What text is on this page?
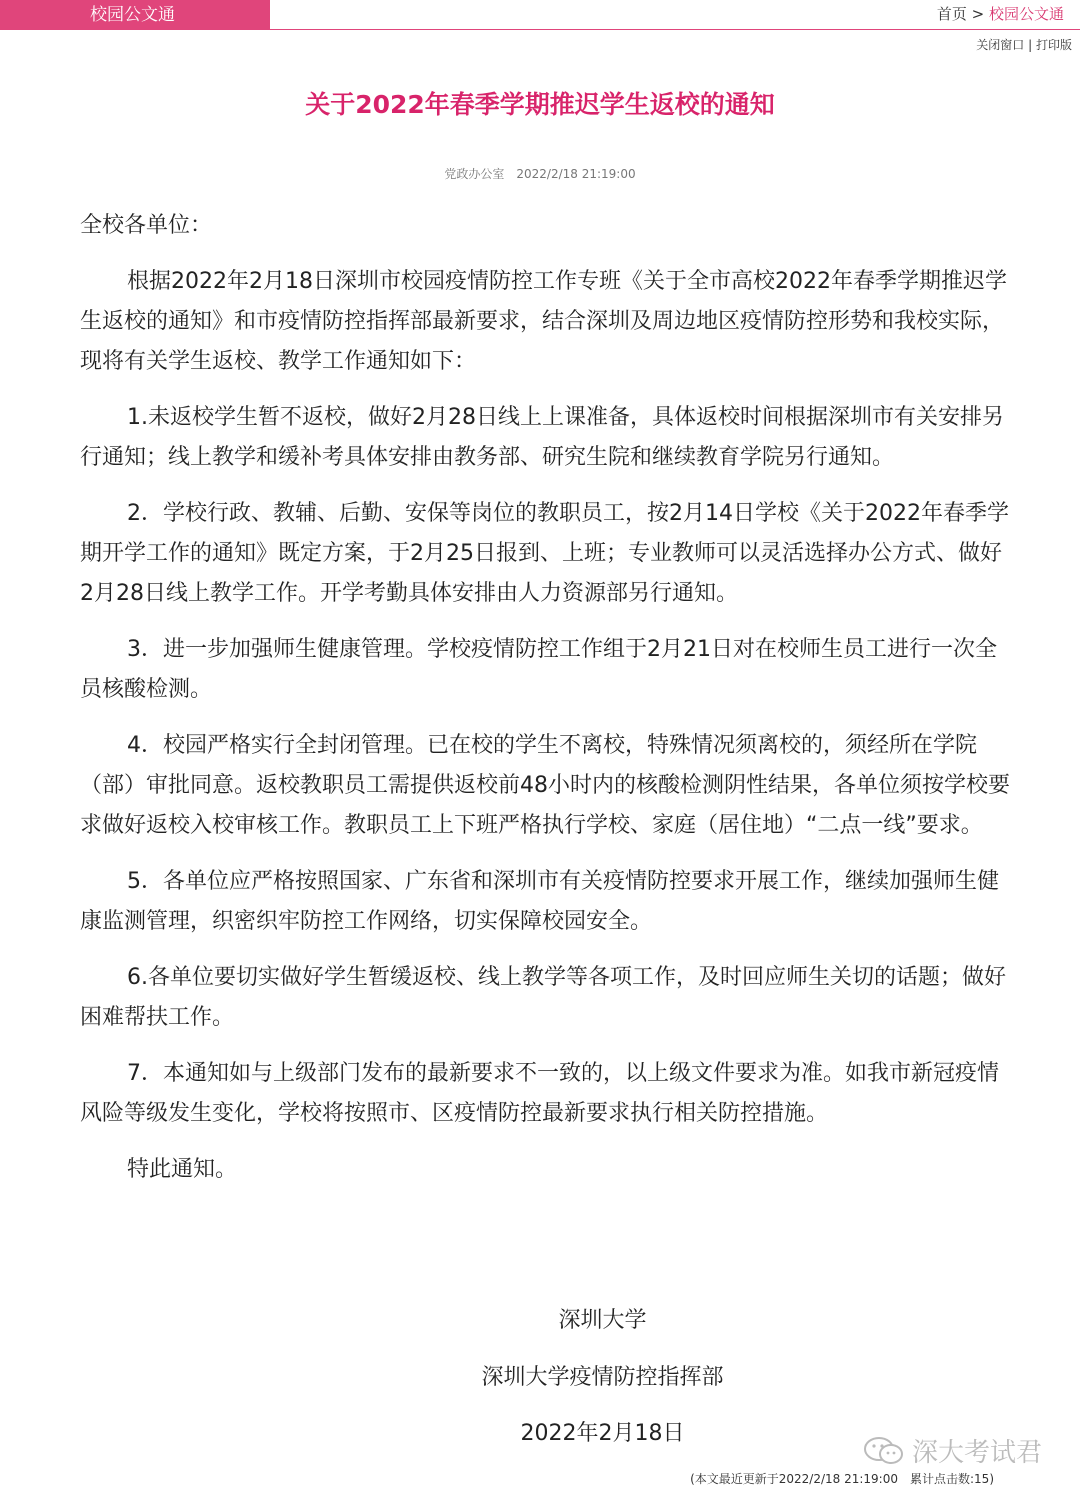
校园公文通	首页 > 校园公文通
关闭窗口 | 打印版
关于2022年春季学期推迟学生返校的通知
党政办公室 2022/2/18 21:19:00

全校各单位：

根据2022年2月18日深圳市校园疫情防控工作专班《关于全市高校2022年春季学期推迟学生返校的通知》和市疫情防控指挥部最新要求，结合深圳及周边地区疫情防控形势和我校实际，现将有关学生返校、教学工作通知如下：

1.未返校学生暂不返校，做好2月28日线上上课准备，具体返校时间根据深圳市有关安排另行通知；线上教学和缓补考具体安排由教务部、研究生院和继续教育学院另行通知。

2．学校行政、教辅、后勤、安保等岗位的教职员工，按2月14日学校《关于2022年春季学期开学工作的通知》既定方案，于2月25日报到、上班；专业教师可以灵活选择办公方式、做好2月28日线上教学工作。开学考勤具体安排由人力资源部另行通知。

3．进一步加强师生健康管理。学校疫情防控工作组于2月21日对在校师生员工进行一次全员核酸检测。

4．校园严格实行全封闭管理。已在校的学生不离校，特殊情况须离校的，须经所在学院（部）审批同意。返校教职员工需提供返校前48小时内的核酸检测阴性结果，各单位须按学校要求做好返校入校审核工作。教职员工上下班严格执行学校、家庭（居住地）“二点一线”要求。

5．各单位应严格按照国家、广东省和深圳市有关疫情防控要求开展工作，继续加强师生健康监测管理，织密织牢防控工作网络，切实保障校园安全。

6.各单位要切实做好学生暂缓返校、线上教学等各项工作，及时回应师生关切的话题；做好困难帮扶工作。

7．本通知如与上级部门发布的最新要求不一致的，以上级文件要求为准。如我市新冠疫情风险等级发生变化，学校将按照市、区疫情防控最新要求执行相关防控措施。

特此通知。

深圳大学
深圳大学疫情防控指挥部
2022年2月18日
深大考试君
(本文最近更新于2022/2/18 21:19:00 累计点击数:15)
